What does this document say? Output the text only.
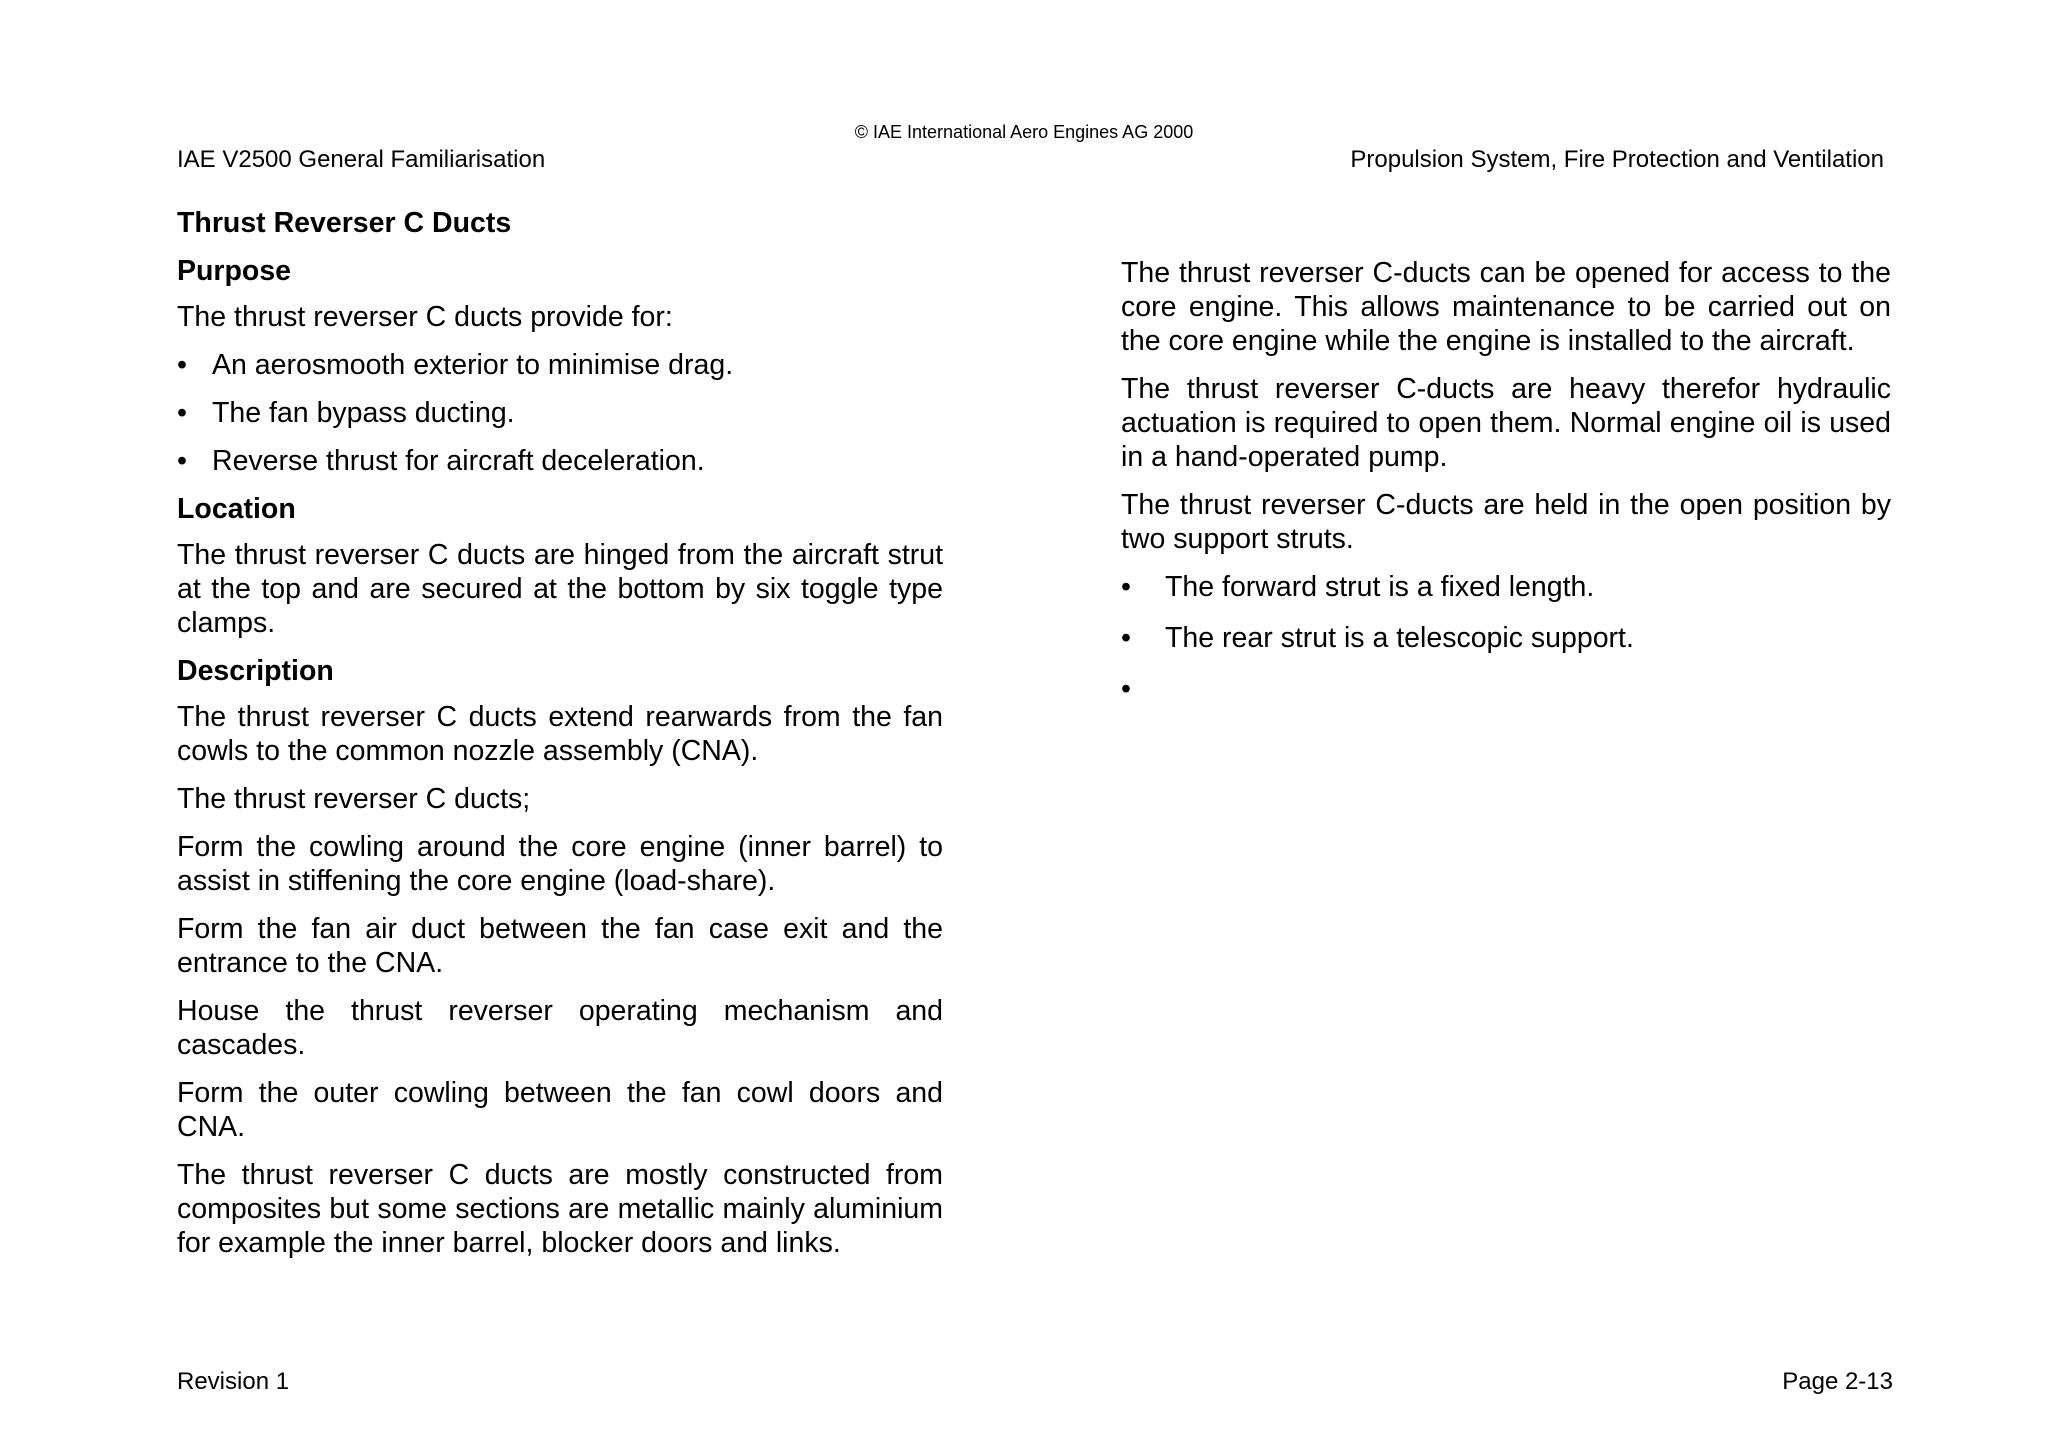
© IAE International Aero Engines AG 2000
IAE V2500 General Familiarisation	Propulsion System, Fire Protection and Ventilation
Thrust Reverser C Ducts
Purpose

The thrust reverser C ducts provide for:

• An aerosmooth exterior to minimise drag.
• The fan bypass ducting.
• Reverse thrust for aircraft deceleration.
Location

The thrust reverser C ducts are hinged from the aircraft strut at the top and are secured at the bottom by six toggle type clamps.

Description

The thrust reverser C ducts extend rearwards from the fan cowls to the common nozzle assembly (CNA).

The thrust reverser C ducts;

Form the cowling around the core engine (inner barrel) to assist in stiffening the core engine (load-share).

Form the fan air duct between the fan case exit and the entrance to the CNA.

House the thrust reverser operating mechanism and cascades.

Form the outer cowling between the fan cowl doors and CNA.

The thrust reverser C ducts are mostly constructed from composites but some sections are metallic mainly aluminium for example the inner barrel, blocker doors and links.

The thrust reverser C-ducts can be opened for access to the core engine. This allows maintenance to be carried out on the core engine while the engine is installed to the aircraft.

The thrust reverser C-ducts are heavy therefor hydraulic actuation is required to open them. Normal engine oil is used in a hand-operated pump.

The thrust reverser C-ducts are held in the open position by two support struts.

• The forward strut is a fixed length.
• The rear strut is a telescopic support.
•
Revision 1	Page 2-13
